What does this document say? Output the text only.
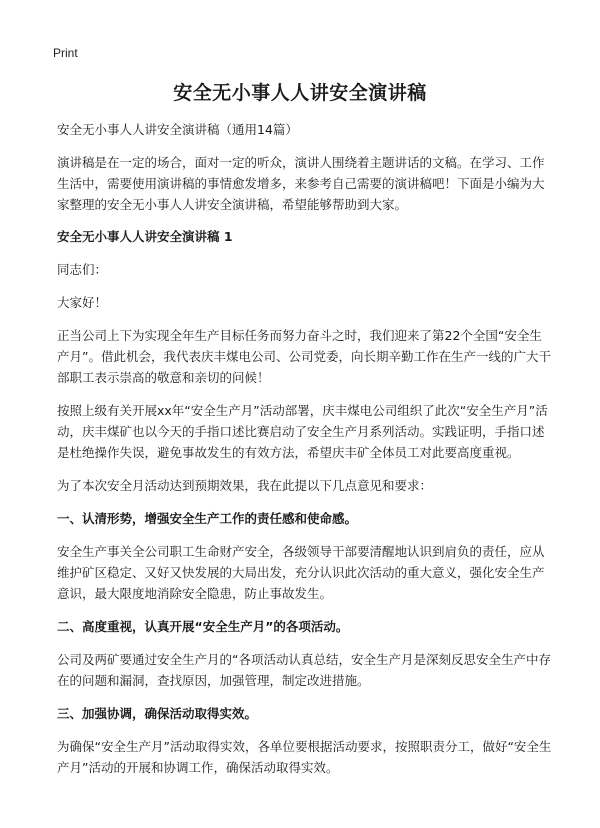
Print
安全无小事人人讲安全演讲稿

安全无小事人人讲安全演讲稿（通用14篇）

演讲稿是在一定的场合，面对一定的听众，演讲人围绕着主题讲话的文稿。在学习、工作生活中，需要使用演讲稿的事情愈发增多，来参考自己需要的演讲稿吧！下面是小编为大家整理的安全无小事人人讲安全演讲稿，希望能够帮助到大家。

安全无小事人人讲安全演讲稿 1

同志们：

大家好！

正当公司上下为实现全年生产目标任务而努力奋斗之时，我们迎来了第22个全国“安全生产月”。借此机会，我代表庆丰煤电公司、公司党委，向长期辛勤工作在生产一线的广大干部职工表示崇高的敬意和亲切的问候！

按照上级有关开展xx年“安全生产月”活动部署，庆丰煤电公司组织了此次“安全生产月”活动，庆丰煤矿也以今天的手指口述比赛启动了安全生产月系列活动。实践证明，手指口述是杜绝操作失误，避免事故发生的有效方法，希望庆丰矿全体员工对此要高度重视。

为了本次安全月活动达到预期效果，我在此提以下几点意见和要求：

一、认清形势，增强安全生产工作的责任感和使命感。

安全生产事关全公司职工生命财产安全，各级领导干部要清醒地认识到肩负的责任，应从维护矿区稳定、又好又快发展的大局出发，充分认识此次活动的重大意义，强化安全生产意识，最大限度地消除安全隐患，防止事故发生。

二、高度重视，认真开展“安全生产月”的各项活动。

公司及两矿要通过安全生产月的“各项活动认真总结，安全生产月是深刻反思安全生产中存在的问题和漏洞，查找原因，加强管理，制定改进措施。

三、加强协调，确保活动取得实效。

为确保“安全生产月”活动取得实效，各单位要根据活动要求，按照职责分工，做好“安全生产月”活动的开展和协调工作，确保活动取得实效。
